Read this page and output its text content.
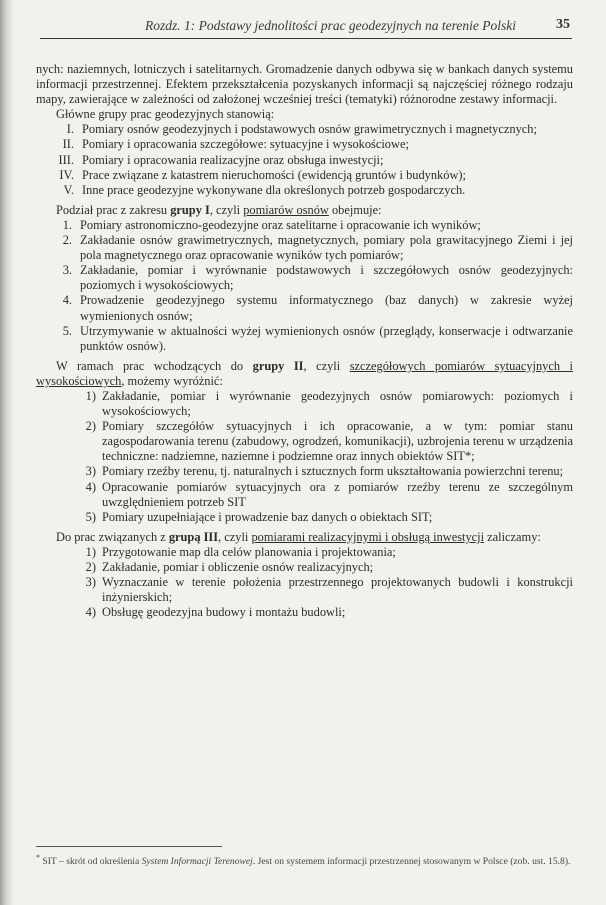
Rozdz. 1: Podstawy jednolitości prac geodezyjnych na terenie Polski	35

nych: naziemnych, lotniczych i satelitarnych. Gromadzenie danych odbywa się w bankach danych systemu informacji przestrzennej. Efektem przekształcenia pozyskanych informacji są najczęściej różnego rodzaju mapy, zawierające w zależności od założonej wcześniej treści (tematyki) różnorodne zestawy informacji.

Główne grupy prac geodezyjnych stanowią:

I. Pomiary osnów geodezyjnych i podstawowych osnów grawimetrycznych i magnetycznych;
II. Pomiary i opracowania szczegółowe: sytuacyjne i wysokościowe;
III. Pomiary i opracowania realizacyjne oraz obsługa inwestycji;
IV. Prace związane z katastrem nieruchomości (ewidencją gruntów i budynków);
V. Inne prace geodezyjne wykonywane dla określonych potrzeb gospodarczych.

Podział prac z zakresu grupy I, czyli pomiarów osnów obejmuje:

1. Pomiary astronomiczno-geodezyjne oraz satelitarne i opracowanie ich wyników;
2. Zakładanie osnów grawimetrycznych, magnetycznych, pomiary pola grawitacyjnego Ziemi i jej pola magnetycznego oraz opracowanie wyników tych pomiarów;
3. Zakładanie, pomiar i wyrównanie podstawowych i szczegółowych osnów geodezyjnych: poziomych i wysokościowych;
4. Prowadzenie geodezyjnego systemu informatycznego (baz danych) w zakresie wyżej wymienionych osnów;
5. Utrzymywanie w aktualności wyżej wymienionych osnów (przeglądy, konserwacje i odtwarzanie punktów osnów).

W ramach prac wchodzących do grupy II, czyli szczegółowych pomiarów sytuacyjnych i wysokościowych, możemy wyróżnić:

1) Zakładanie, pomiar i wyrównanie geodezyjnych osnów pomiarowych: poziomych i wysokościowych;
2) Pomiary szczegółów sytuacyjnych i ich opracowanie, a w tym: pomiar stanu zagospodarowania terenu (zabudowy, ogrodzeń, komunikacji), uzbrojenia terenu w urządzenia techniczne: nadziemne, naziemne i podziemne oraz innych obiektów SIT*;
3) Pomiary rzeźby terenu, tj. naturalnych i sztucznych form ukształtowania powierzchni terenu;
4) Opracowanie pomiarów sytuacyjnych ora z pomiarów rzeźby terenu ze szczególnym uwzględnieniem potrzeb SIT
5) Pomiary uzupełniające i prowadzenie baz danych o obiektach SIT;

Do prac związanych z grupą III, czyli pomiarami realizacyjnymi i obsługą inwestycji zaliczamy:

1) Przygotowanie map dla celów planowania i projektowania;
2) Zakładanie, pomiar i obliczenie osnów realizacyjnych;
3) Wyznaczanie w terenie położenia przestrzennego projektowanych budowli i konstrukcji inżynierskich;
4) Obsługę geodezyjna budowy i montażu budowli;
* SIT – skrót od określenia System Informacji Terenowej. Jest on systemem informacji przestrzennej stosowanym w Polsce (zob. ust. 15.8).
